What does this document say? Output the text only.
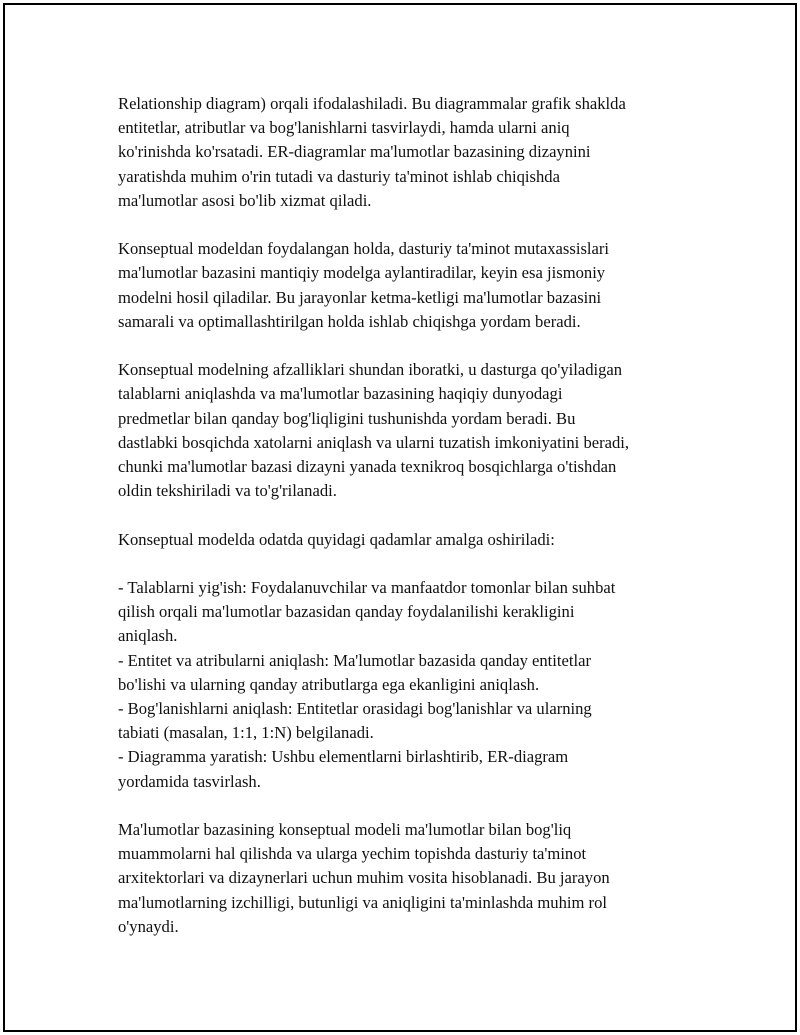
Relationship diagram) orqali ifodalashiladi. Bu diagrammalar grafik shaklda

entitetlar, atributlar va bog'lanishlarni tasvirlaydi, hamda ularni aniq

ko'rinishda ko'rsatadi. ER-diagramlar ma'lumotlar bazasining dizaynini

yaratishda muhim o'rin tutadi va dasturiy ta'minot ishlab chiqishda

ma'lumotlar asosi bo'lib xizmat qiladi.

Konseptual modeldan foydalangan holda, dasturiy ta'minot mutaxassislari

ma'lumotlar bazasini mantiqiy modelga aylantiradilar, keyin esa jismoniy

modelni hosil qiladilar. Bu jarayonlar ketma-ketligi ma'lumotlar bazasini

samarali va optimallashtirilgan holda ishlab chiqishga yordam beradi.

Konseptual modelning afzalliklari shundan iboratki, u dasturga qo'yiladigan

talablarni aniqlashda va ma'lumotlar bazasining haqiqiy dunyodagi

predmetlar bilan qanday bog'liqligini tushunishda yordam beradi. Bu

dastlabki bosqichda xatolarni aniqlash va ularni tuzatish imkoniyatini beradi,

chunki ma'lumotlar bazasi dizayni yanada texnikroq bosqichlarga o'tishdan

oldin tekshiriladi va to'g'rilanadi.

Konseptual modelda odatda quyidagi qadamlar amalga oshiriladi:

- Talablarni yig'ish: Foydalanuvchilar va manfaatdor tomonlar bilan suhbat

qilish orqali ma'lumotlar bazasidan qanday foydalanilishi kerakligini

aniqlash.

- Entitet va atribularni aniqlash: Ma'lumotlar bazasida qanday entitetlar

bo'lishi va ularning qanday atributlarga ega ekanligini aniqlash.

- Bog'lanishlarni aniqlash: Entitetlar orasidagi bog'lanishlar va ularning

tabiati (masalan, 1:1, 1:N) belgilanadi.

- Diagramma yaratish: Ushbu elementlarni birlashtirib, ER-diagram

yordamida tasvirlash.

Ma'lumotlar bazasining konseptual modeli ma'lumotlar bilan bog'liq

muammolarni hal qilishda va ularga yechim topishda dasturiy ta'minot

arxitektorlari va dizaynerlari uchun muhim vosita hisoblanadi. Bu jarayon

ma'lumotlarning izchilligi, butunligi va aniqligini ta'minlashda muhim rol

o'ynaydi.
